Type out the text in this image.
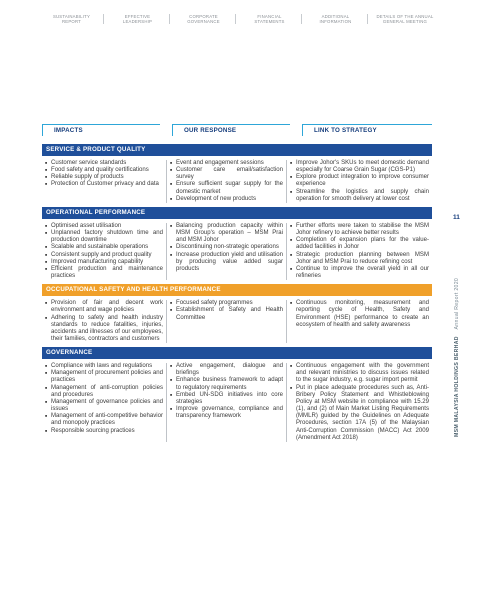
SUSTAINABILITY
REPORT
EFFECTIVE
LEADERSHIP
CORPORATE
GOVERNANCE
FINANCIAL
STATEMENTS
ADDITIONAL
INFORMATION
DETAILS OF THE ANNUAL
GENERAL MEETING
IMPACTS	OUR RESPONSE	LINK TO STRATEGY
SERVICE & PRODUCT QUALITY
■ Customer service standards
■ Food safety and quality certifications
■ Reliable supply of products
■ Protection of Customer privacy and data
■ Event and engagement sessions
■ Customer care email/satisfaction survey
■ Ensure sufficient sugar supply for the domestic market
■ Development of new products
■ Improve Johor's SKUs to meet domestic demand especially for Coarse Grain Sugar (CGS-P1)
■ Explore product integration to improve consumer experience
■ Streamline the logistics and supply chain operation for smooth delivery at lower cost
OPERATIONAL PERFORMANCE
■ Optimised asset utilisation
■ Unplanned factory shutdown time and production downtime
■ Scalable and sustainable operations
■ Consistent supply and product quality
■ Improved manufacturing capability
■ Efficient production and maintenance practices
■ Balancing production capacity within MSM Group's operation – MSM Prai and MSM Johor
■ Discontinuing non-strategic operations
■ Increase production yield and utilisation by producing value added sugar products
■ Further efforts were taken to stabilise the MSM Johor refinery to achieve better results
■ Completion of expansion plans for the value-added facilities in Johor
■ Strategic production planning between MSM Johor and MSM Prai to reduce refining cost
■ Continue to improve the overall yield in all our refineries
OCCUPATIONAL SAFETY AND HEALTH PERFORMANCE
■ Provision of fair and decent work environment and wage policies
■ Adhering to safety and health industry standards to reduce fatalities, injuries, accidents and illnesses of our employees, their families, contractors and customers
■ Focused safety programmes
■ Establishment of Safety and Health Committee
■ Continuous monitoring, measurement and reporting cycle of Health, Safety and Environment (HSE) performance to create an ecosystem of health and safety awareness
GOVERNANCE
■ Compliance with laws and regulations
■ Management of procurement policies and practices
■ Management of anti-corruption policies and procedures
■ Management of governance policies and issues
■ Management of anti-competitive behavior and monopoly practices
■ Responsible sourcing practices
■ Active engagement, dialogue and briefings
■ Enhance business framework to adapt to regulatory requirements
■ Embed UN-SDG initiatives into core strategies
■ Improve governance, compliance and transparency framework
■ Continuous engagement with the government and relevant ministries to discuss issues related to the sugar industry, e.g. sugar import permit
■ Put in place adequate procedures such as, Anti-Bribery Policy Statement and Whistleblowing Policy at MSM website in compliance with 15.29 (1), and (2) of Main Market Listing Requirements (MMLR) guided by the Guidelines on Adequate Procedures, section 17A (5) of the Malaysian Anti-Corruption Commission (MACC) Act 2009 (Amendment Act 2018)
11
MSM MALAYSIA HOLDINGS BERHAD    Annual Report 2020
